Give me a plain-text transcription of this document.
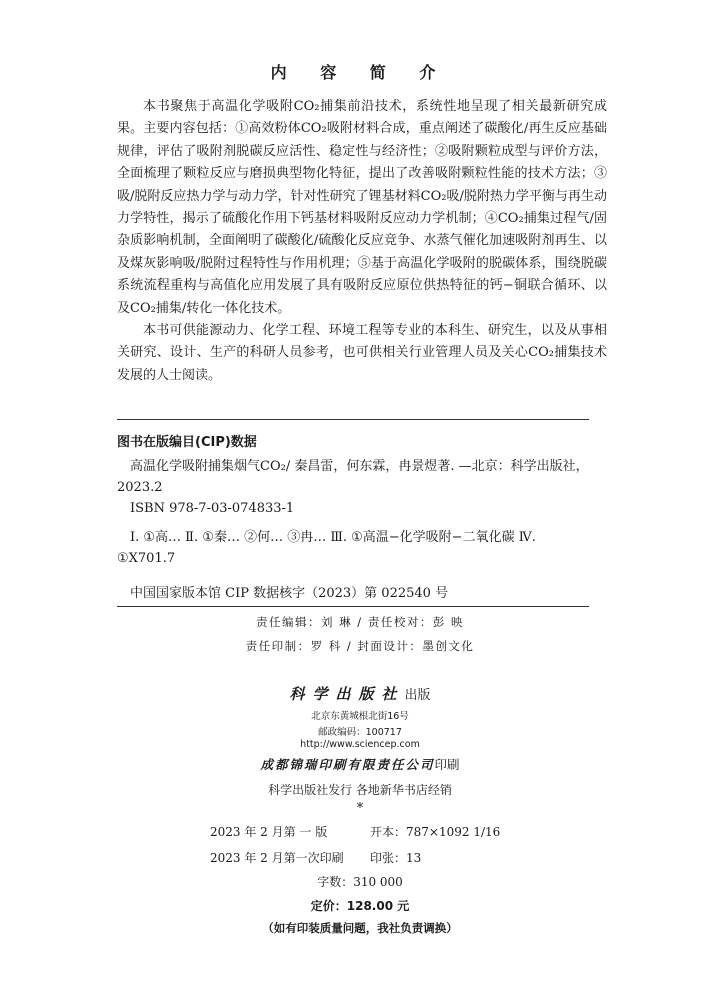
内 容 简 介

本书聚焦于高温化学吸附CO₂捕集前沿技术，系统性地呈现了相关最新研究成果。主要内容包括：①高效粉体CO₂吸附材料合成，重点阐述了碳酸化/再生反应基础规律，评估了吸附剂脱碳反应活性、稳定性与经济性；②吸附颗粒成型与评价方法，全面梳理了颗粒反应与磨损典型物化特征，提出了改善吸附颗粒性能的技术方法；③吸/脱附反应热力学与动力学，针对性研究了锂基材料CO₂吸/脱附热力学平衡与再生动力学特性，揭示了硫酸化作用下钙基材料吸附反应动力学机制；④CO₂捕集过程气/固杂质影响机制，全面阐明了碳酸化/硫酸化反应竞争、水蒸气催化加速吸附剂再生、以及煤灰影响吸/脱附过程特性与作用机理；⑤基于高温化学吸附的脱碳体系，围绕脱碳系统流程重构与高值化应用发展了具有吸附反应原位供热特征的钙−铜联合循环、以及CO₂捕集/转化一体化技术。

本书可供能源动力、化学工程、环境工程等专业的本科生、研究生，以及从事相关研究、设计、生产的科研人员参考，也可供相关行业管理人员及关心CO₂捕集技术发展的人士阅读。

图书在版编目(CIP)数据

高温化学吸附捕集烟气CO₂/ 秦昌雷，何东霖，冉景煜著. —北京：科学出版社，2023.2

ISBN 978-7-03-074833-1

Ⅰ. ①高… Ⅱ. ①秦… ②何… ③冉… Ⅲ. ①高温−化学吸附−二氧化碳 Ⅳ. ①X701.7

中国国家版本馆 CIP 数据核字（2023）第 022540 号
责任编辑：刘 琳 / 责任校对：彭 映
责任印制：罗 科 / 封面设计：墨创文化
科学出版社出版
北京东黄城根北街16号
邮政编码：100717
http://www.sciencep.com
成都锦瑞印刷有限责任公司印刷
科学出版社发行 各地新华书店经销
*
2023 年 2 月第 一 版	开本：787×1092 1/16
2023 年 2 月第一次印刷 印张：13
字数：310 000
定价：128.00 元
（如有印装质量问题，我社负责调换）
